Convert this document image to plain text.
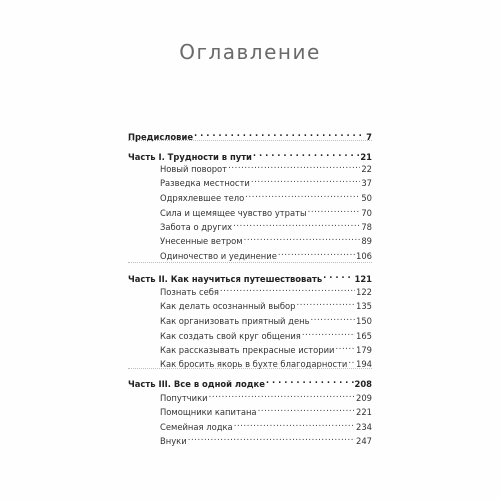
Оглавление
Предисловие . . .	7
Часть I. Трудности в пути . . .	21
Новый поворот .....	22
Разведка местности .....	37
Одряхлевшее тело .....	50
Сила и щемящее чувство утраты .....	70
Забота о других .....	78
Унесенные ветром .....	89
Одиночество и уединение .....	106
Часть II. Как научиться путешествовать . . .	121
Познать себя .....	122
Как делать осознанный выбор .....	135
Как организовать приятный день .....	150
Как создать свой круг общения .....	165
Как рассказывать прекрасные истории .....	179
Как бросить якорь в бухте благодарности ..... 194
Часть III. Все в одной лодке . . .	208
Попутчики .....	209
Помощники капитана .....	221
Семейная лодка .....	234
Внуки .....	247
